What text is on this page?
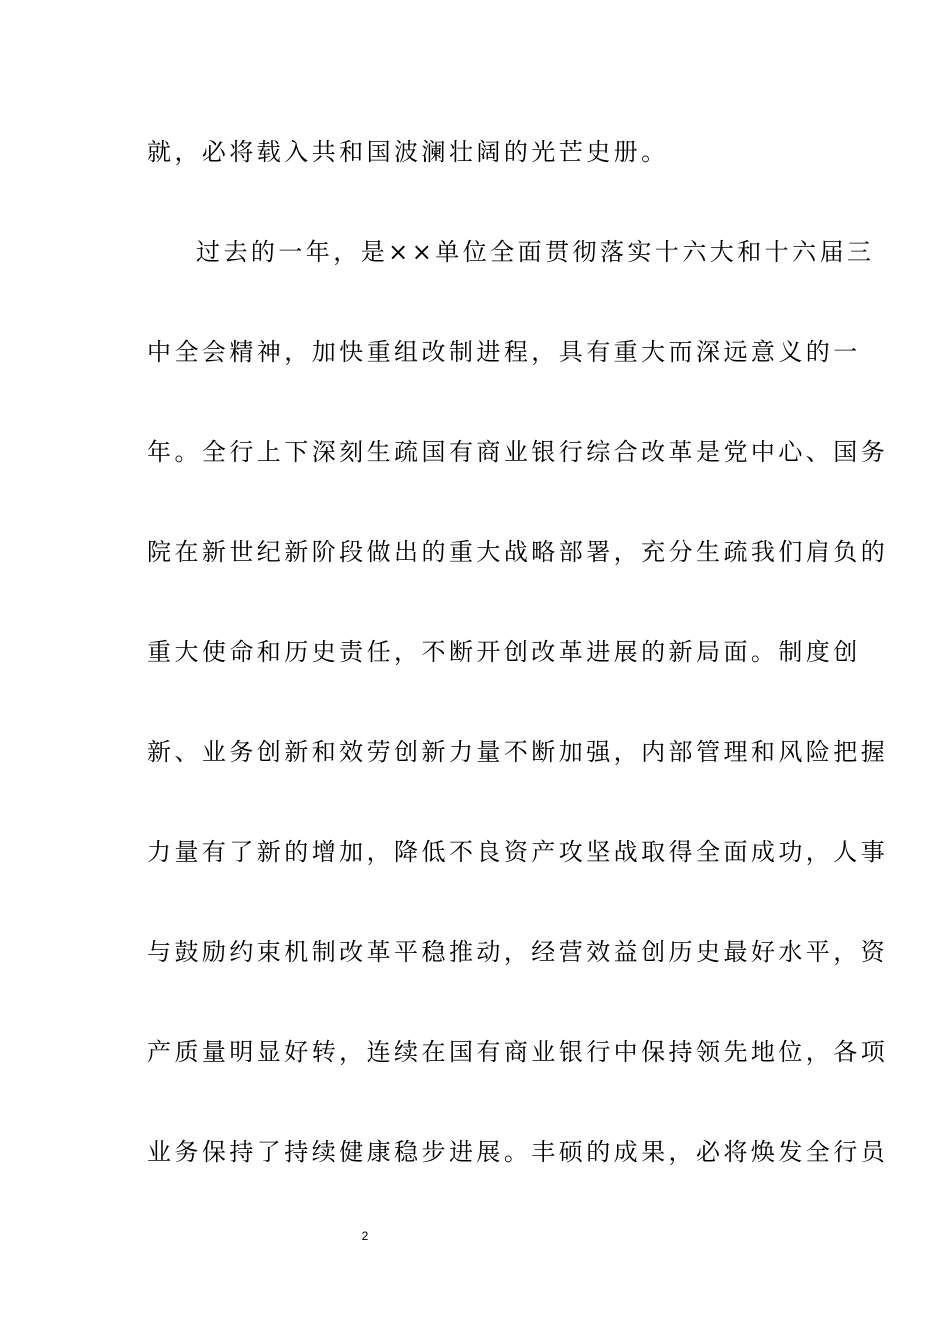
就，必将载入共和国波澜壮阔的光芒史册。
过去的一年，是××单位全面贯彻落实十六大和十六届三
中全会精神，加快重组改制进程，具有重大而深远意义的一
年。全行上下深刻生疏国有商业银行综合改革是党中心、国务
院在新世纪新阶段做出的重大战略部署，充分生疏我们肩负的
重大使命和历史责任，不断开创改革进展的新局面。制度创
新、业务创新和效劳创新力量不断加强，内部管理和风险把握
力量有了新的增加，降低不良资产攻坚战取得全面成功，人事
与鼓励约束机制改革平稳推动，经营效益创历史最好水平，资
产质量明显好转，连续在国有商业银行中保持领先地位，各项
业务保持了持续健康稳步进展。丰硕的成果，必将焕发全行员
2
